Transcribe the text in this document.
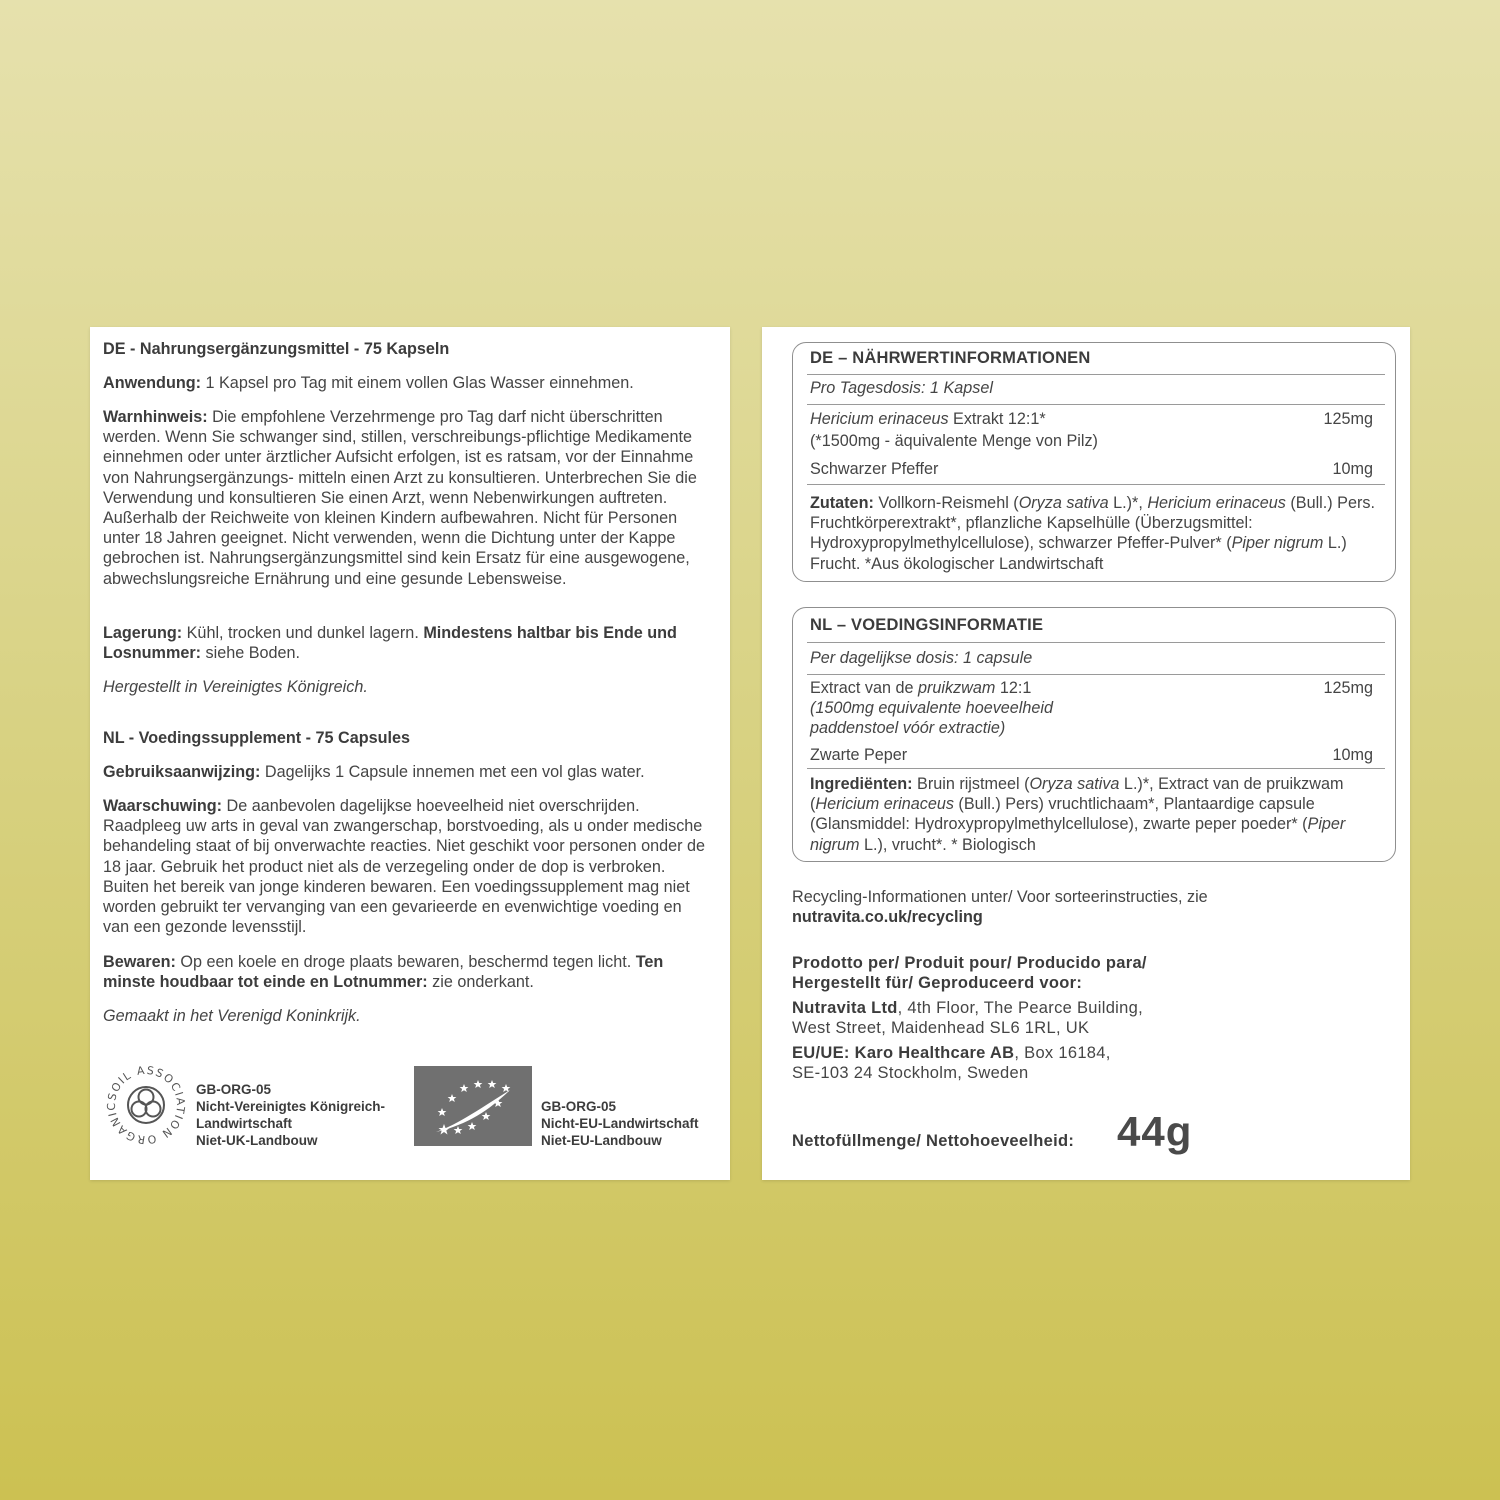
DE - Nahrungsergänzungsmittel - 75 Kapseln

Anwendung: 1 Kapsel pro Tag mit einem vollen Glas Wasser einnehmen.

Warnhinweis: Die empfohlene Verzehrmenge pro Tag darf nicht überschritten werden. Wenn Sie schwanger sind, stillen, verschreibungs-pflichtige Medikamente einnehmen oder unter ärztlicher Aufsicht erfolgen, ist es ratsam, vor der Einnahme von Nahrungsergänzungs- mitteln einen Arzt zu konsultieren. Unterbrechen Sie die Verwendung und konsultieren Sie einen Arzt, wenn Nebenwirkungen auftreten. Außerhalb der Reichweite von kleinen Kindern aufbewahren. Nicht für Personen unter 18 Jahren geeignet. Nicht verwenden, wenn die Dichtung unter der Kappe gebrochen ist. Nahrungsergänzungsmittel sind kein Ersatz für eine ausgewogene, abwechslungsreiche Ernährung und eine gesunde Lebensweise.

Lagerung: Kühl, trocken und dunkel lagern. Mindestens haltbar bis Ende und Losnummer: siehe Boden.

Hergestellt in Vereinigtes Königreich.

NL - Voedingssupplement - 75 Capsules

Gebruiksaanwijzing: Dagelijks 1 Capsule innemen met een vol glas water.

Waarschuwing: De aanbevolen dagelijkse hoeveelheid niet overschrijden. Raadpleeg uw arts in geval van zwangerschap, borstvoeding, als u onder medische behandeling staat of bij onverwachte reacties. Niet geschikt voor personen onder de 18 jaar. Gebruik het product niet als de verzegeling onder de dop is verbroken. Buiten het bereik van jonge kinderen bewaren. Een voedingssupplement mag niet worden gebruikt ter vervanging van een gevarieerde en evenwichtige voeding en van een gezonde levensstijl.

Bewaren: Op een koele en droge plaats bewaren, beschermd tegen licht. Ten minste houdbaar tot einde en Lotnummer: zie onderkant.

Gemaakt in het Verenigd Koninkrijk.

SOIL ASSOCIATION ORGANIC
GB-ORG-05
Nicht-Vereinigtes Königreich-
Landwirtschaft
Niet-UK-Landbouw
GB-ORG-05
Nicht-EU-Landwirtschaft
Niet-EU-Landbouw
DE – NÄHRWERTINFORMATIONEN
Pro Tagesdosis: 1 Kapsel
Hericium erinaceus Extrakt 12:1*	125mg
(*1500mg - äquivalente Menge von Pilz)
Schwarzer Pfeffer	10mg

Zutaten: Vollkorn-Reismehl (Oryza sativa L.)*, Hericium erinaceus (Bull.) Pers. Fruchtkörperextrakt*, pflanzliche Kapselhülle (Überzugsmittel: Hydroxypropylmethylcellulose), schwarzer Pfeffer-Pulver* (Piper nigrum L.) Frucht. *Aus ökologischer Landwirtschaft

NL – VOEDINGSINFORMATIE
Per dagelijkse dosis: 1 capsule
Extract van de pruikzwam 12:1	125mg
(1500mg equivalente hoeveelheid
paddenstoel vóór extractie)
Zwarte Peper	10mg

Ingrediënten: Bruin rijstmeel (Oryza sativa L.)*, Extract van de pruikzwam (Hericium erinaceus (Bull.) Pers) vruchtlichaam*, Plantaardige capsule (Glansmiddel: Hydroxypropylmethylcellulose), zwarte peper poeder* (Piper nigrum L.), vrucht*. * Biologisch

Recycling-Informationen unter/ Voor sorteerinstructies, zie
nutravita.co.uk/recycling
Prodotto per/ Produit pour/ Producido para/
Hergestellt für/ Geproduceerd voor:
Nutravita Ltd, 4th Floor, The Pearce Building,
West Street, Maidenhead SL6 1RL, UK
EU/UE: Karo Healthcare AB, Box 16184,
SE-103 24 Stockholm, Sweden
Nettofüllmenge/ Nettohoeveelheid: 44g
